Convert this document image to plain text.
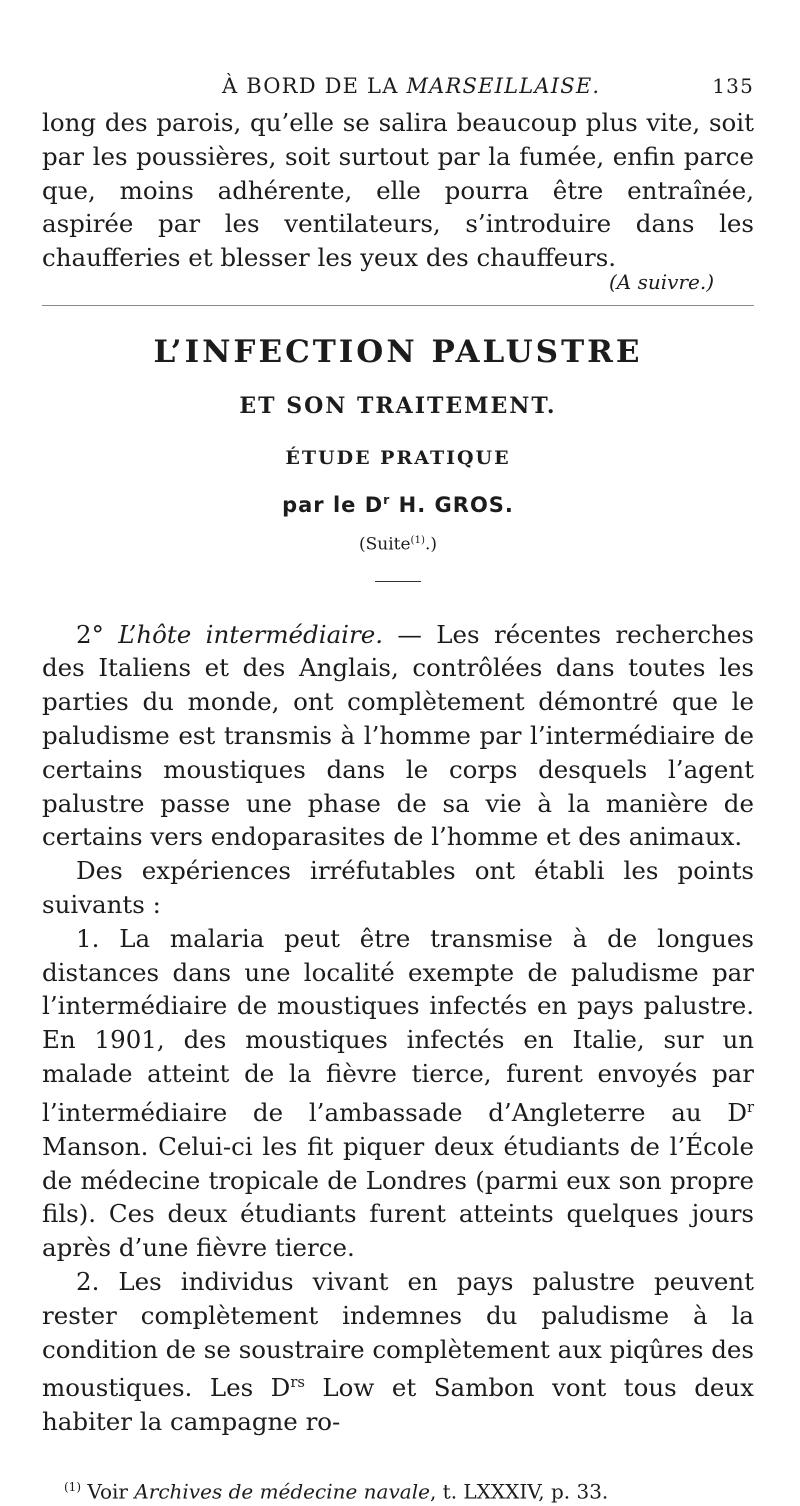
À BORD DE LA MARSEILLAISE.	135

long des parois, qu’elle se salira beaucoup plus vite, soit par les poussières, soit surtout par la fumée, enfin parce que, moins adhérente, elle pourra être entraînée, aspirée par les ventilateurs, s’introduire dans les chaufferies et blesser les yeux des chauffeurs.

(A suivre.)

L’INFECTION PALUSTRE
ET SON TRAITEMENT.
ÉTUDE PRATIQUE
par le $D^r$ H. GROS.
(Suite$^{(1)}$.)

2° L’hôte intermédiaire. — Les récentes recherches des Italiens et des Anglais, contrôlées dans toutes les parties du monde, ont complètement démontré que le paludisme est transmis à l’homme par l’intermédiaire de certains moustiques dans le corps desquels l’agent palustre passe une phase de sa vie à la manière de certains vers endoparasites de l’homme et des animaux.

Des expériences irréfutables ont établi les points suivants :

1. La malaria peut être transmise à de longues distances dans une localité exempte de paludisme par l’intermédiaire de moustiques infectés en pays palustre. En 1901, des moustiques infectés en Italie, sur un malade atteint de la fièvre tierce, furent envoyés par l’intermédiaire de l’ambassade d’Angleterre au $D^r$ Manson. Celui-ci les fit piquer deux étudiants de l’École de médecine tropicale de Londres (parmi eux son propre fils). Ces deux étudiants furent atteints quelques jours après d’une fièvre tierce.

2. Les individus vivant en pays palustre peuvent rester complètement indemnes du paludisme à la condition de se soustraire complètement aux piqûres des moustiques. Les $D^{rs}$ Low et Sambon vont tous deux habiter la campagne ro-

$^{(1)}$ Voir Archives de médecine navale, t. LXXXIV, p. 33.
